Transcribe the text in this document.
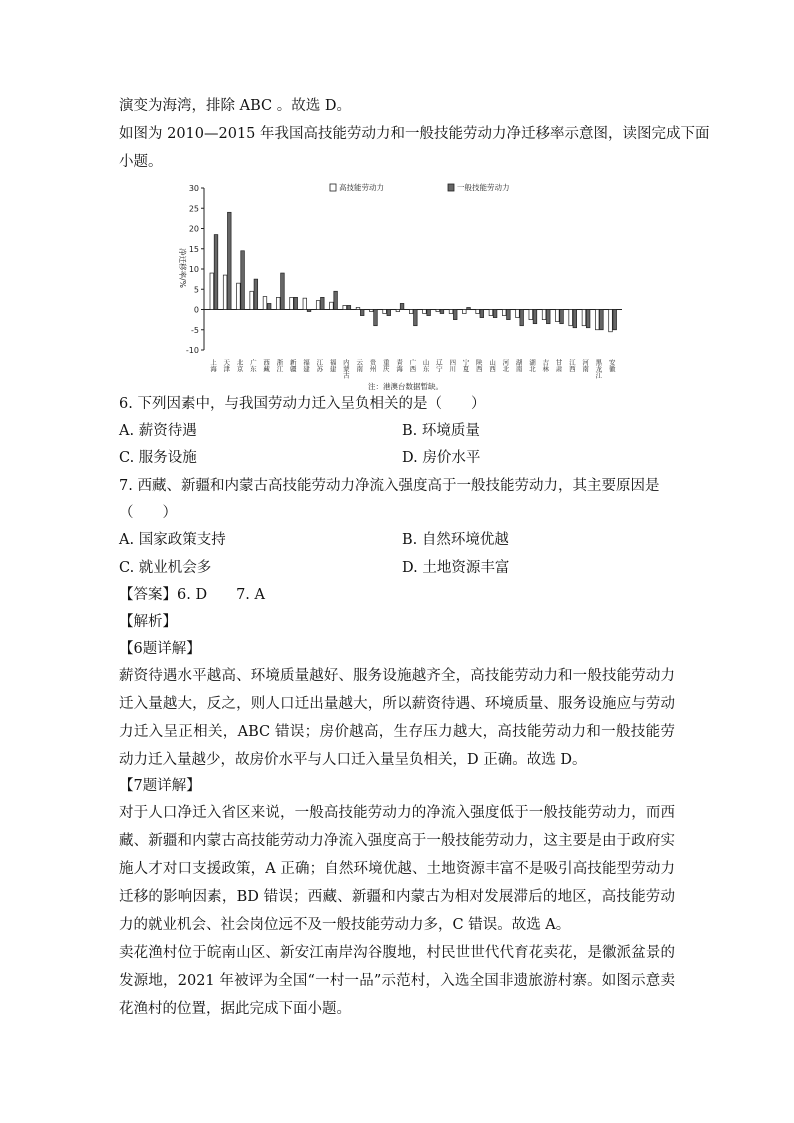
演变为海湾，排除 ABC 。故选 D。
如图为 2010—2015 年我国高技能劳动力和一般技能劳动力净迁移率示意图，读图完成下面
小题。
-10
-5
0
5
10
15
20
25
30
净迁移率/%
上海 天津 北京 广东 西藏 浙江 新疆 福建 江苏 福建 内蒙古 云南 贵州 重庆 青海 广西 山东 辽宁 四川 宁夏 陕西 山西 河北 湖南 湖北 吉林 甘肃 江西 河南 黑龙江 安徽
高技能劳动力	一般技能劳动力
注：港澳台数据暂缺。
6. 下列因素中，与我国劳动力迁入呈负相关的是（　　）
A. 薪资待遇	B. 环境质量
C. 服务设施	D. 房价水平
7. 西藏、新疆和内蒙古高技能劳动力净流入强度高于一般技能劳动力，其主要原因是
（　　）
A. 国家政策支持	B. 自然环境优越
C. 就业机会多	D. 土地资源丰富
【答案】6. D　　7. A
【解析】
【6题详解】
薪资待遇水平越高、环境质量越好、服务设施越齐全，高技能劳动力和一般技能劳动力迁入量越大，反之，则人口迁出量越大，所以薪资待遇、环境质量、服务设施应与劳动力迁入呈正相关，ABC 错误；房价越高，生存压力越大，高技能劳动力和一般技能劳动力迁入量越少，故房价水平与人口迁入量呈负相关，D 正确。故选 D。
【7题详解】
对于人口净迁入省区来说，一般高技能劳动力的净流入强度低于一般技能劳动力，而西藏、新疆和内蒙古高技能劳动力净流入强度高于一般技能劳动力，这主要是由于政府实施人才对口支援政策，A 正确；自然环境优越、土地资源丰富不是吸引高技能型劳动力迁移的影响因素，BD 错误；西藏、新疆和内蒙古为相对发展滞后的地区，高技能劳动力的就业机会、社会岗位远不及一般技能劳动力多，C 错误。故选 A。
卖花渔村位于皖南山区、新安江南岸沟谷腹地，村民世世代代育花卖花，是徽派盆景的发源地，2021 年被评为全国“一村一品”示范村，入选全国非遗旅游村寨。如图示意卖花渔村的位置，据此完成下面小题。
